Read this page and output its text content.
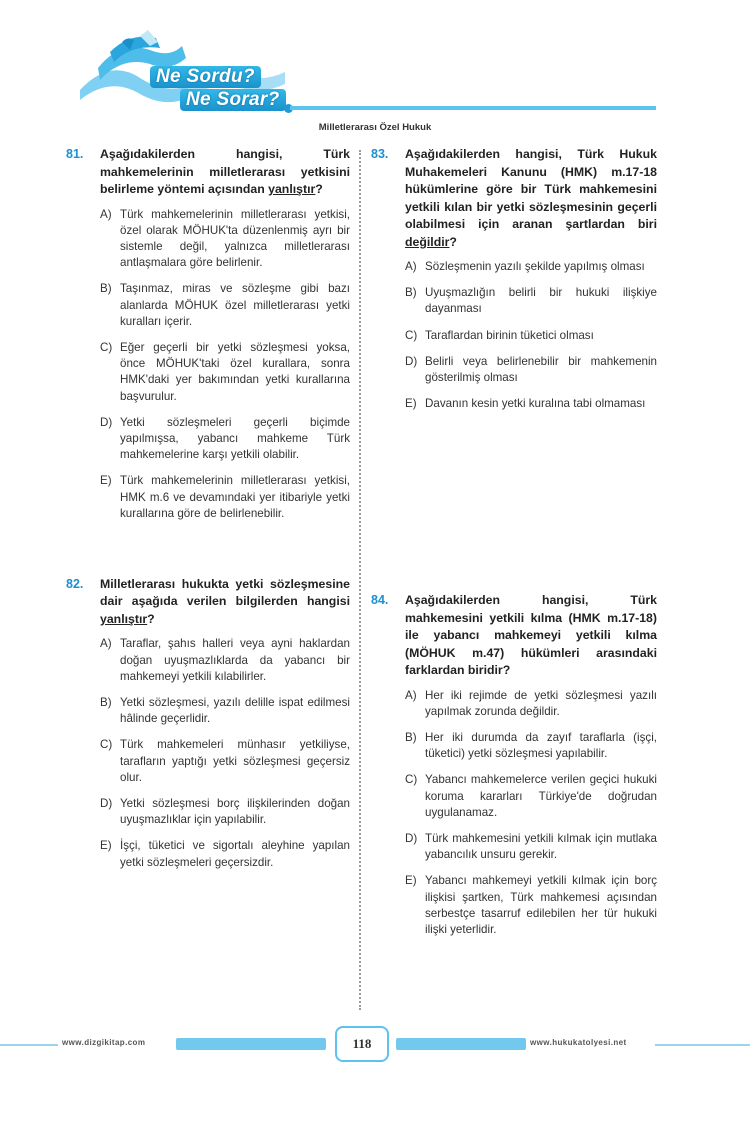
Ne Sordu?
Ne Sorar?
Milletlerarası Özel Hukuk
81.	Aşağıdakilerden hangisi, Türk mahkemelerinin milletlerarası yetkisini belirleme yöntemi açısından yanlıştır?
A) Türk mahkemelerinin milletlerarası yetkisi, özel olarak MÖHUK'ta düzenlenmiş ayrı bir sistemle değil, yalnızca milletlerarası antlaşmalara göre belirlenir.
B) Taşınmaz, miras ve sözleşme gibi bazı alanlarda MÖHUK özel milletlerarası yetki kuralları içerir.
C) Eğer geçerli bir yetki sözleşmesi yoksa, önce MÖHUK'taki özel kurallara, sonra HMK'daki yer bakımından yetki kurallarına başvurulur.
D) Yetki sözleşmeleri geçerli biçimde yapılmışsa, yabancı mahkeme Türk mahkemelerine karşı yetkili olabilir.
E) Türk mahkemelerinin milletlerarası yetkisi, HMK m.6 ve devamındaki yer itibariyle yetki kurallarına göre de belirlenebilir.
82.	Milletlerarası hukukta yetki sözleşmesine dair aşağıda verilen bilgilerden hangisi yanlıştır?
A) Taraflar, şahıs halleri veya ayni haklardan doğan uyuşmazlıklarda da yabancı bir mahkemeyi yetkili kılabilirler.
B) Yetki sözleşmesi, yazılı delille ispat edilmesi hâlinde geçerlidir.
C) Türk mahkemeleri münhasır yetkiliyse, tarafların yaptığı yetki sözleşmesi geçersiz olur.
D) Yetki sözleşmesi borç ilişkilerinden doğan uyuşmazlıklar için yapılabilir.
E) İşçi, tüketici ve sigortalı aleyhine yapılan yetki sözleşmeleri geçersizdir.
83.	Aşağıdakilerden hangisi, Türk Hukuk Muhakemeleri Kanunu (HMK) m.17-18 hükümlerine göre bir Türk mahkemesini yetkili kılan bir yetki sözleşmesinin geçerli olabilmesi için aranan şartlardan biri değildir?
A) Sözleşmenin yazılı şekilde yapılmış olması
B) Uyuşmazlığın belirli bir hukuki ilişkiye dayanması
C) Taraflardan birinin tüketici olması
D) Belirli veya belirlenebilir bir mahkemenin gösterilmiş olması
E) Davanın kesin yetki kuralına tabi olmaması
84.	Aşağıdakilerden hangisi, Türk mahkemesini yetkili kılma (HMK m.17-18) ile yabancı mahkemeyi yetkili kılma (MÖHUK m.47) hükümleri arasındaki farklardan biridir?
A) Her iki rejimde de yetki sözleşmesi yazılı yapılmak zorunda değildir.
B) Her iki durumda da zayıf taraflarla (işçi, tüketici) yetki sözleşmesi yapılabilir.
C) Yabancı mahkemelerce verilen geçici hukuki koruma kararları Türkiye'de doğrudan uygulanamaz.
D) Türk mahkemesini yetkili kılmak için mutlaka yabancılık unsuru gerekir.
E) Yabancı mahkemeyi yetkili kılmak için borç ilişkisi şartken, Türk mahkemesi açısından serbestçe tasarruf edilebilen her tür hukuki ilişki yeterlidir.
www.dizgikitap.com	118	www.hukukatolyesi.net
